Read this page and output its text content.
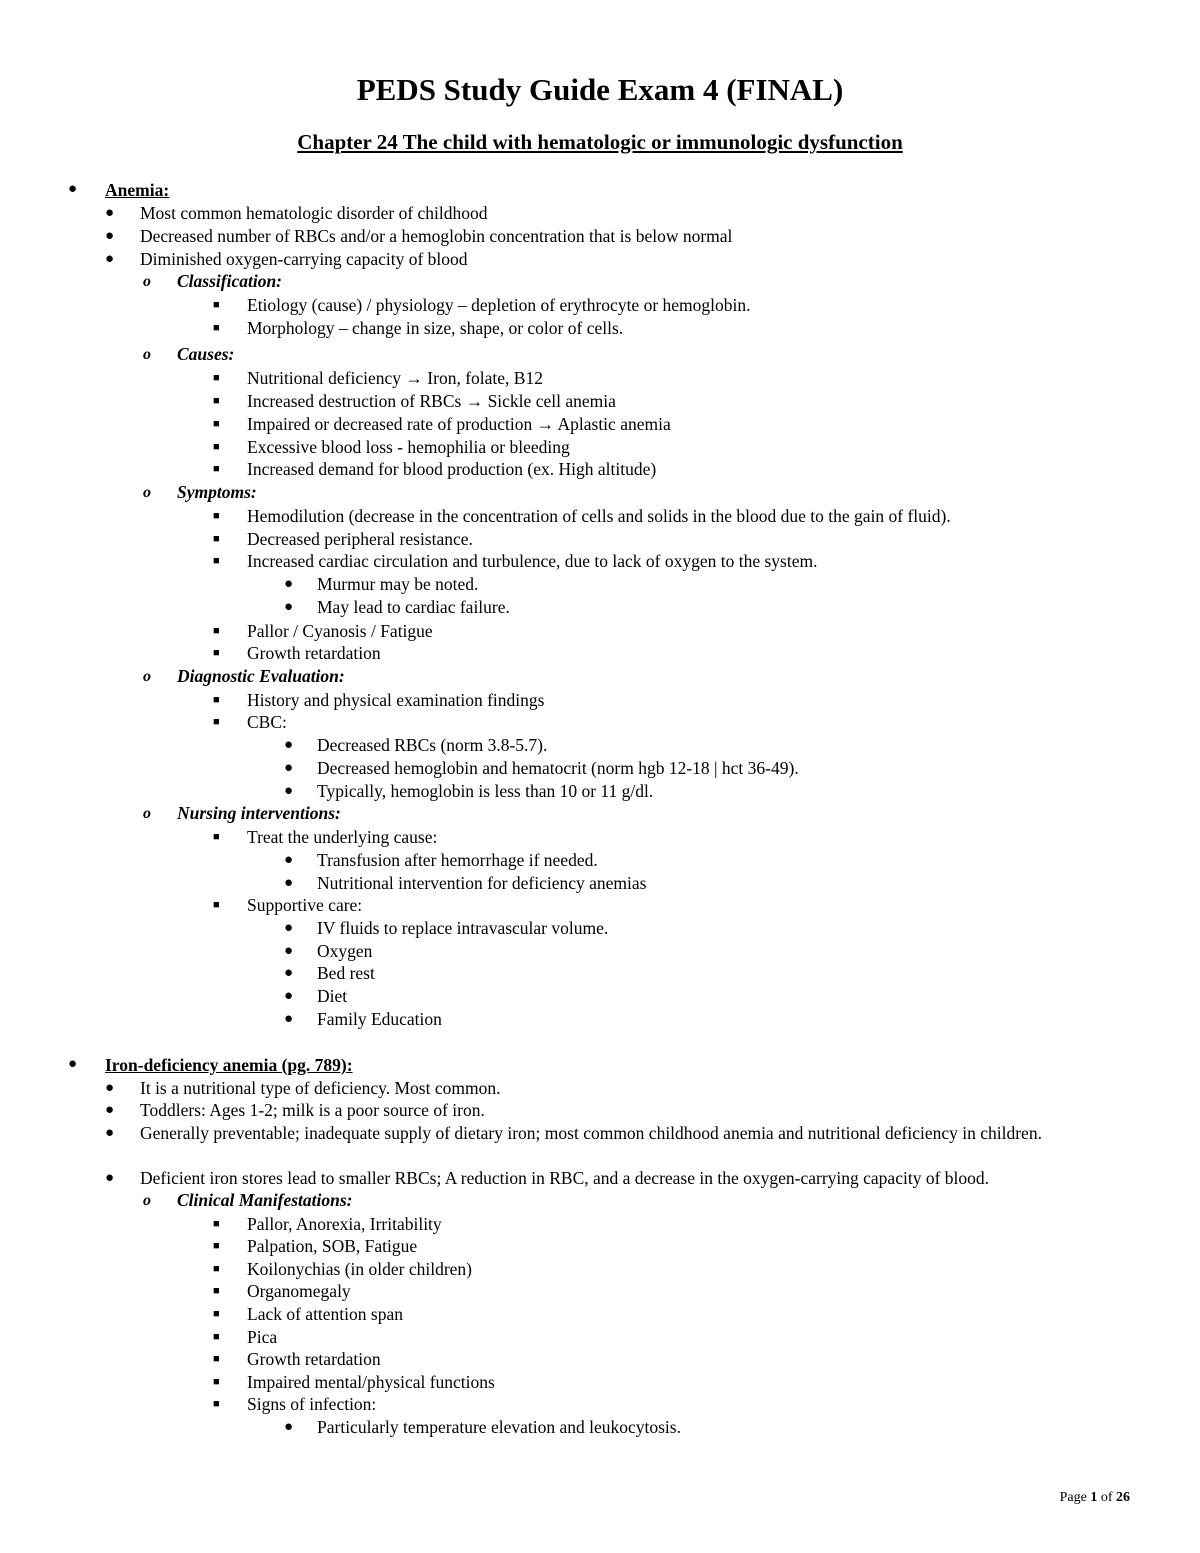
PEDS Study Guide Exam 4 (FINAL)
Chapter 24 The child with hematologic or immunologic dysfunction
● Anemia:
● Most common hematologic disorder of childhood
● Decreased number of RBCs and/or a hemoglobin concentration that is below normal
● Diminished oxygen-carrying capacity of blood
o Classification:
■ Etiology (cause) / physiology – depletion of erythrocyte or hemoglobin.
■ Morphology – change in size, shape, or color of cells.
o Causes:
■ Nutritional deficiency → Iron, folate, B12
■ Increased destruction of RBCs → Sickle cell anemia
■ Impaired or decreased rate of production → Aplastic anemia
■ Excessive blood loss - hemophilia or bleeding
■ Increased demand for blood production (ex. High altitude)
o Symptoms:
■ Hemodilution (decrease in the concentration of cells and solids in the blood due to the gain of fluid).
■ Decreased peripheral resistance.
■ Increased cardiac circulation and turbulence, due to lack of oxygen to the system.
● Murmur may be noted.
● May lead to cardiac failure.
■ Pallor / Cyanosis / Fatigue
■ Growth retardation
o Diagnostic Evaluation:
■ History and physical examination findings
■ CBC:
● Decreased RBCs (norm 3.8-5.7).
● Decreased hemoglobin and hematocrit (norm hgb 12-18 | hct 36-49).
● Typically, hemoglobin is less than 10 or 11 g/dl.
o Nursing interventions:
■ Treat the underlying cause:
● Transfusion after hemorrhage if needed.
● Nutritional intervention for deficiency anemias
■ Supportive care:
● IV fluids to replace intravascular volume.
● Oxygen
● Bed rest
● Diet
● Family Education
● Iron-deficiency anemia (pg. 789):
● It is a nutritional type of deficiency. Most common.
● Toddlers: Ages 1-2; milk is a poor source of iron.
● Generally preventable; inadequate supply of dietary iron; most common childhood anemia and nutritional deficiency in children.
● Deficient iron stores lead to smaller RBCs; A reduction in RBC, and a decrease in the oxygen-carrying capacity of blood.
o Clinical Manifestations:
■ Pallor, Anorexia, Irritability
■ Palpation, SOB, Fatigue
■ Koilonychias (in older children)
■ Organomegaly
■ Lack of attention span
■ Pica
■ Growth retardation
■ Impaired mental/physical functions
■ Signs of infection:
● Particularly temperature elevation and leukocytosis.
Page 1 of 26
